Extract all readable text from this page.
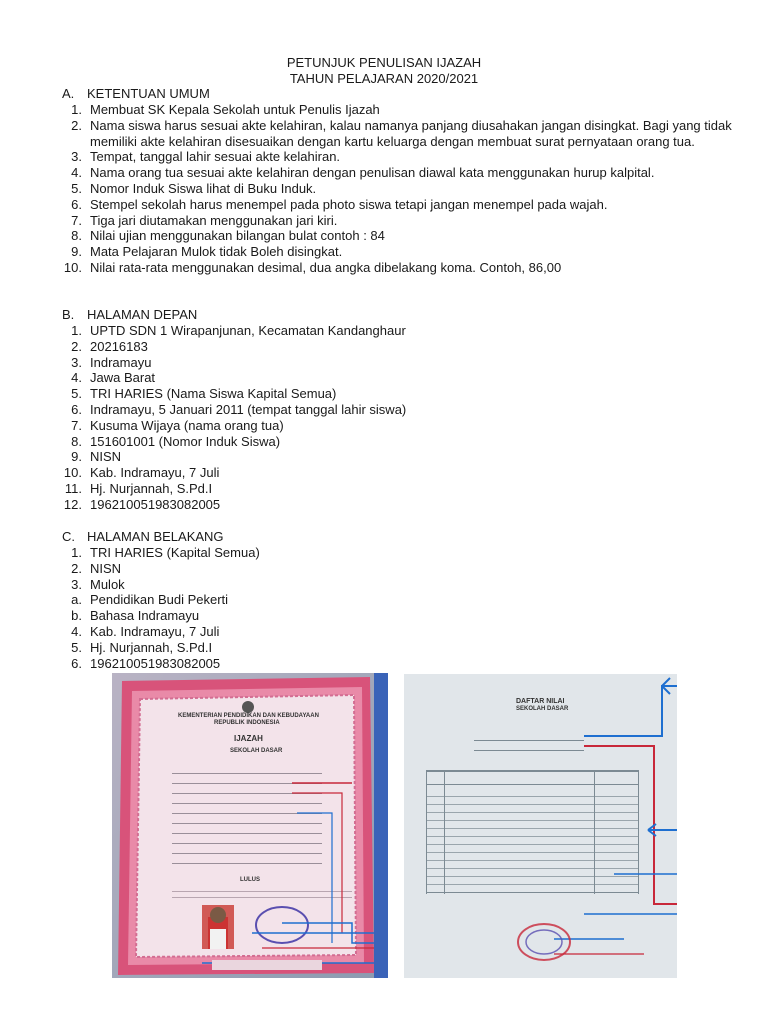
PETUNJUK PENULISAN IJAZAH
TAHUN PELAJARAN 2020/2021
A. KETENTUAN UMUM
1. Membuat SK Kepala Sekolah untuk Penulis Ijazah
2. Nama siswa harus sesuai akte kelahiran, kalau namanya panjang diusahakan jangan disingkat. Bagi yang tidak memiliki akte kelahiran disesuaikan dengan kartu keluarga dengan membuat surat pernyataan orang tua.
3. Tempat, tanggal lahir sesuai akte kelahiran.
4. Nama orang tua sesuai akte kelahiran dengan penulisan diawal kata menggunakan hurup kalpital.
5. Nomor Induk Siswa lihat di Buku Induk.
6. Stempel sekolah harus menempel pada photo siswa tetapi jangan menempel pada wajah.
7. Tiga jari diutamakan menggunakan jari kiri.
8. Nilai ujian menggunakan bilangan bulat contoh : 84
9. Mata Pelajaran Mulok tidak Boleh disingkat.
10. Nilai rata-rata menggunakan desimal, dua angka dibelakang koma. Contoh, 86,00
B. HALAMAN DEPAN
1. UPTD SDN 1 Wirapanjunan, Kecamatan Kandanghaur
2. 20216183
3. Indramayu
4. Jawa Barat
5. TRI HARIES (Nama Siswa Kapital Semua)
6. Indramayu, 5 Januari 2011 (tempat tanggal lahir siswa)
7. Kusuma Wijaya (nama orang tua)
8. 151601001 (Nomor Induk Siswa)
9. NISN
10. Kab. Indramayu, 7 Juli
11. Hj. Nurjannah, S.Pd.I
12. 196210051983082005
C. HALAMAN BELAKANG
1. TRI HARIES (Kapital Semua)
2. NISN
3. Mulok
a. Pendidikan Budi Pekerti
b. Bahasa Indramayu
4. Kab. Indramayu, 7 Juli
5. Hj. Nurjannah, S.Pd.I
6. 196210051983082005
KEMENTERIAN PENDIDIKAN DAN KEBUDAYAAN
REPUBLIK INDONESIA
IJAZAH
SEKOLAH DASAR
LULUS
DAFTAR NILAI
SEKOLAH DASAR
